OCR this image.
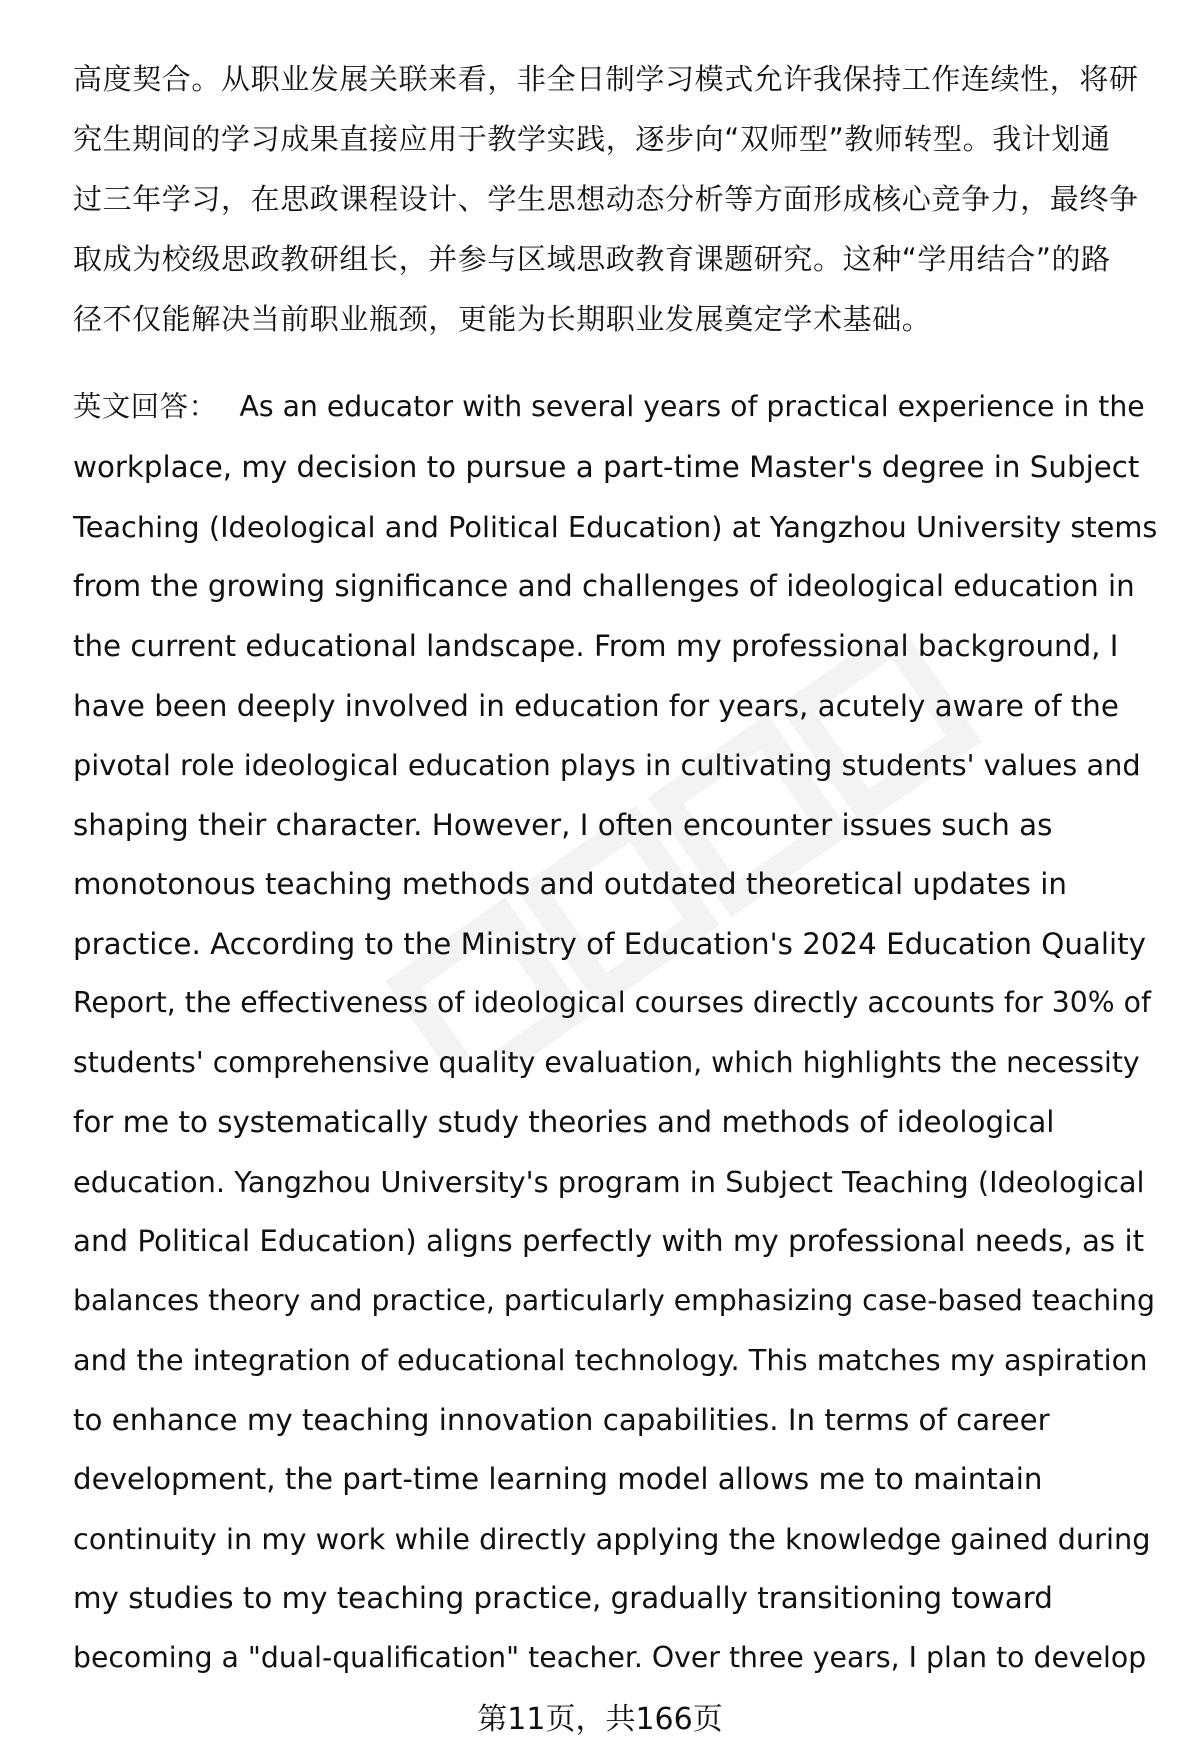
高度契合。从职业发展关联来看，非全日制学习模式允许我保持工作连续性，将研
究生期间的学习成果直接应用于教学实践，逐步向“双师型”教师转型。我计划通
过三年学习，在思政课程设计、学生思想动态分析等方面形成核心竞争力，最终争
取成为校级思政教研组长，并参与区域思政教育课题研究。这种“学用结合”的路
径不仅能解决当前职业瓶颈，更能为长期职业发展奠定学术基础。
英文回答： As an educator with several years of practical experience in the
workplace, my decision to pursue a part-time Master's degree in Subject
Teaching (Ideological and Political Education) at Yangzhou University stems
from the growing significance and challenges of ideological education in
the current educational landscape. From my professional background, I
have been deeply involved in education for years, acutely aware of the
pivotal role ideological education plays in cultivating students' values and
shaping their character. However, I often encounter issues such as
monotonous teaching methods and outdated theoretical updates in
practice. According to the Ministry of Education's 2024 Education Quality
Report, the effectiveness of ideological courses directly accounts for 30% of
students' comprehensive quality evaluation, which highlights the necessity
for me to systematically study theories and methods of ideological
education. Yangzhou University's program in Subject Teaching (Ideological
and Political Education) aligns perfectly with my professional needs, as it
balances theory and practice, particularly emphasizing case-based teaching
and the integration of educational technology. This matches my aspiration
to enhance my teaching innovation capabilities. In terms of career
development, the part-time learning model allows me to maintain
continuity in my work while directly applying the knowledge gained during
my studies to my teaching practice, gradually transitioning toward
becoming a "dual-qualification" teacher. Over three years, I plan to develop
第11页，共166页
